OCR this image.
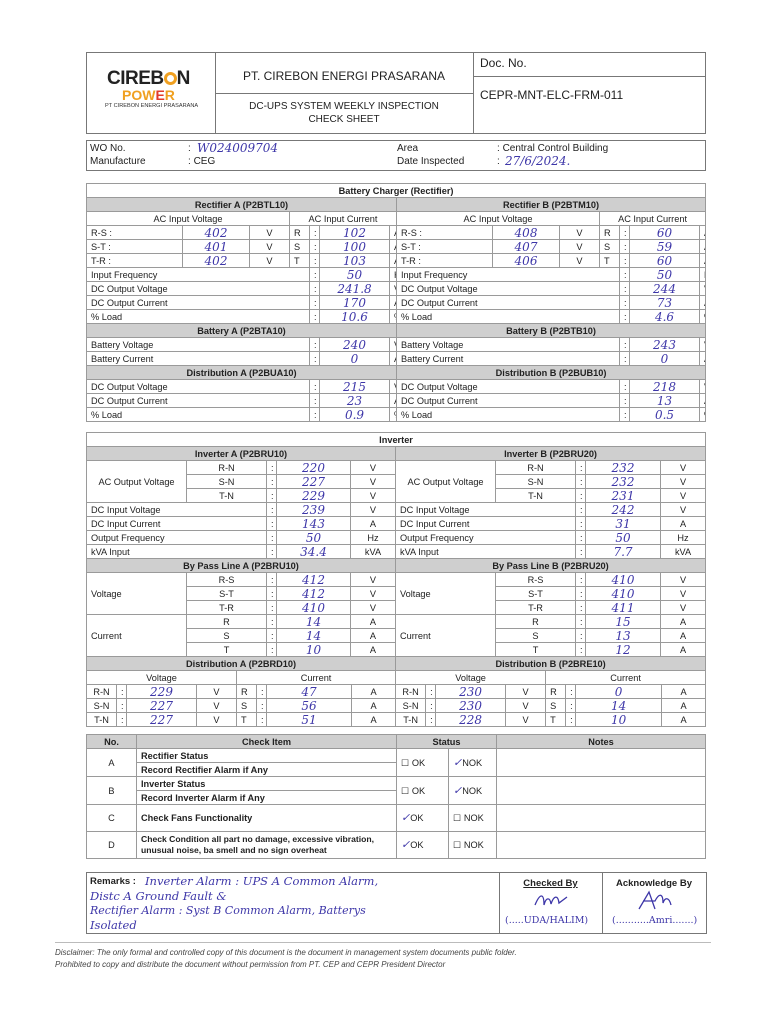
CIREB N
POWER
PT CIREBON ENERGI PRASARANA
PT. CIREBON ENERGI PRASARANA
DC-UPS SYSTEM WEEKLY INSPECTION
CHECK SHEET
Doc. No.
CEPR-MNT-ELC-FRM-011
WO No.	: W024009704
Manufacture	: CEG
Area	: Central Control Building
Date Inspected	: 27/6/2024.
Battery Charger (Rectifier)													
Rectifier A (P2BTL10)							Rectifier B (P2BTM10)						
AC Input Voltage			AC Input Current				AC Input Voltage			AC Input Current			
R-S :	402	V	R	:	102		R-S :	408	V	R	:	60	
S-T :	401	V	S	:	100		S-T :	407	V	S	:	59	
T-R :	402	V	T	:	103		T-R :	406	V	T	:	60	
Input Frequency				:	50		Input Frequency				:	50	
DC Output Voltage				:	241.8		DC Output Voltage				:	244	
DC Output Current				:	170		DC Output Current				:	73	
% Load				:	10.6		% Load				:	4.6	
Battery A (P2BTA10)							Battery B (P2BTB10)						
Battery Voltage				:	240		Battery Voltage				:	243	
Battery Current				:	0		Battery Current				:	0	
Distribution A (P2BUA10)							Distribution B (P2BUB10)						
DC Output Voltage				:	215		DC Output Voltage				:	218	
DC Output Current				:	23		DC Output Current				:	13	
% Load				:	0.9		% Load				:	0.5	
Inverter									
Inverter A (P2BRU10)					Inverter B (P2BRU20)				
AC Output Voltage	R-N	:	220	V	AC Output Voltage	R-N	:	232	V
	S-N	:	227	V		S-N	:	232	V
	T-N	:	229	V		T-N	:	231	V
DC Input Voltage		:	239	V	DC Input Voltage		:	242	V
DC Input Current		:	143	A	DC Input Current		:	31	A
Output Frequency		:	50	Hz	Output Frequency		:	50	Hz
kVA Input		:	34.4	kVA	kVA Input		:	7.7	kVA
By Pass Line A (P2BRU10)					By Pass Line B (P2BRU20)				
Voltage	R-S	:	412	V	Voltage	R-S	:	410	V
	S-T	:	412	V		S-T	:	410	V
	T-R	:	410	V		T-R	:	411	V
Current	R	:	14	A	Current	R	:	15	A
	S	:	14	A		S	:	13	A
	T	:	10	A		T	:	12	A
Distribution A (P2BRD10)								Distribution B (P2BRE10)							
Voltage				Current				Voltage				Current			
R-N	:	229	V	R	:	47	A	R-N	:	230	V	R	:	0	A
S-N	:	227	V	S	:	56	A	S-N	:	230	V	S	:	14	A
T-N	:	227	V	T	:	51	A	T-N	:	228	V	T	:	10	A
No.	Check Item	Status		Notes
A	Rectifier Status	☐ OK	✓NOK	
	Record Rectifier Alarm if Any			
B	Inverter Status	☐ OK	✓NOK	
	Record Inverter Alarm if Any			
C	Check Fans Functionality	✓OK	☐ NOK	
D	Check Condition all part no damage, excessive vibration,
unusual noise, ba smell and no sign overheat	✓OK	☐ NOK	
Remarks : Inverter Alarm : UPS A Common Alarm,
Distc A Ground Fault &
Rectifier Alarm : Syst B Common Alarm, Batterys
Isolated
Checked By
(.....UDA/HALIM)
Acknowledge By
(...........Amri.......)
Disclaimer: The only formal and controlled copy of this document is the document in management system documents public folder.
Prohibited to copy and distribute the document without permission from PT. CEP and CEPR President Director
